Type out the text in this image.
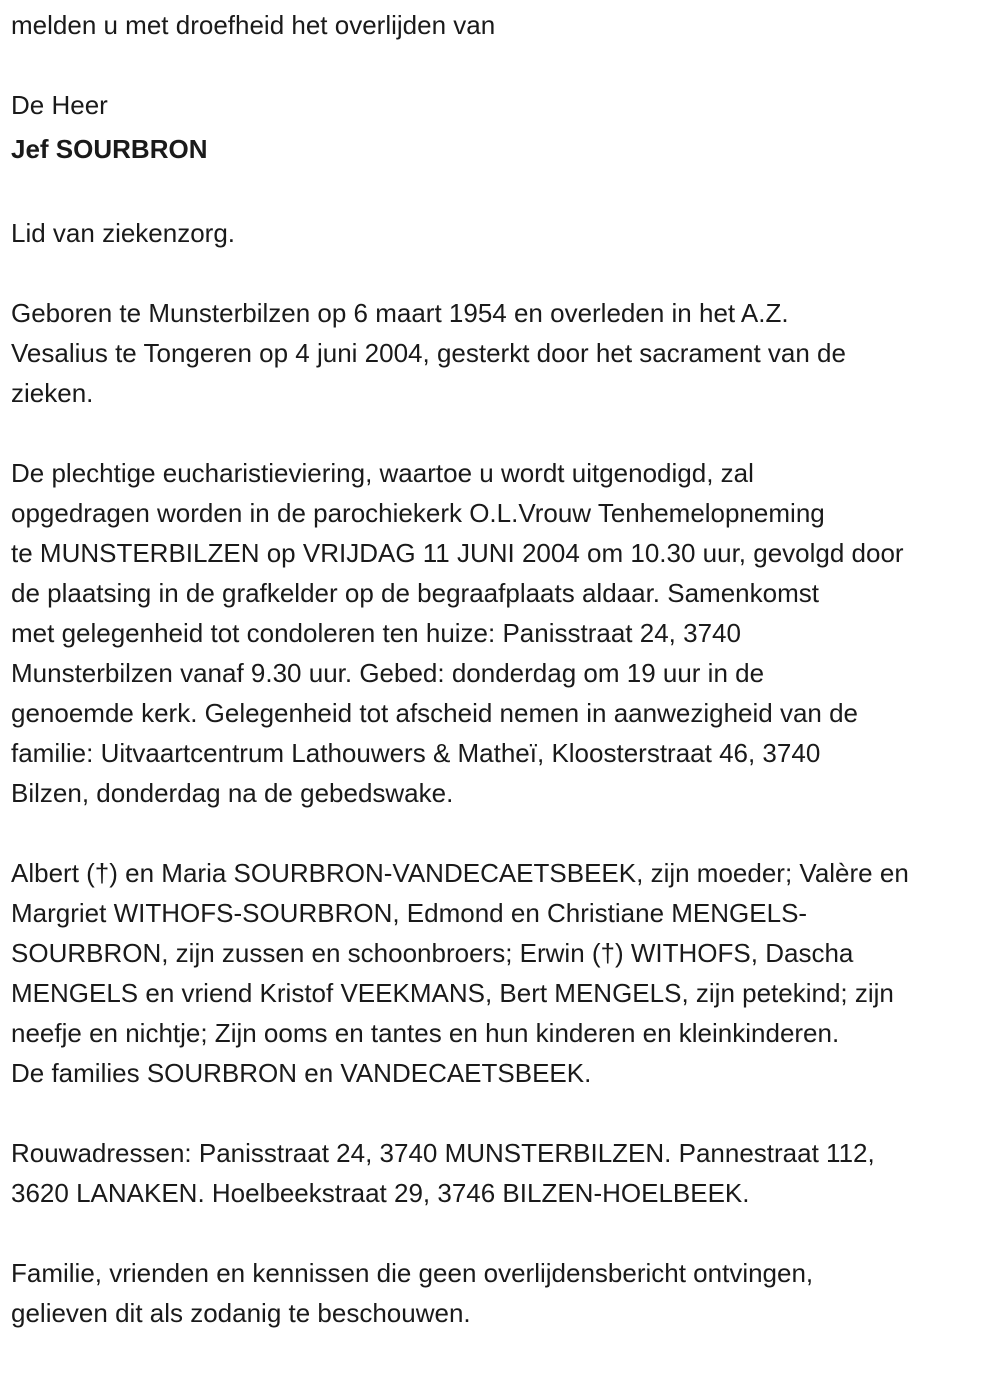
melden u met droefheid het overlijden van
De Heer
Jef SOURBRON
Lid van ziekenzorg.
Geboren te Munsterbilzen op 6 maart 1954 en overleden in het A.Z.
Vesalius te Tongeren op 4 juni 2004, gesterkt door het sacrament van de
zieken.
De plechtige eucharistieviering, waartoe u wordt uitgenodigd, zal
opgedragen worden in de parochiekerk O.L.Vrouw Tenhemelopneming
te MUNSTERBILZEN op VRIJDAG 11 JUNI 2004 om 10.30 uur, gevolgd door
de plaatsing in de grafkelder op de begraafplaats aldaar. Samenkomst
met gelegenheid tot condoleren ten huize: Panisstraat 24, 3740
Munsterbilzen vanaf 9.30 uur. Gebed: donderdag om 19 uur in de
genoemde kerk. Gelegenheid tot afscheid nemen in aanwezigheid van de
familie: Uitvaartcentrum Lathouwers & Matheï, Kloosterstraat 46, 3740
Bilzen, donderdag na de gebedswake.
Albert (†) en Maria SOURBRON-VANDECAETSBEEK, zijn moeder; Valère en
Margriet WITHOFS-SOURBRON, Edmond en Christiane MENGELS-
SOURBRON, zijn zussen en schoonbroers; Erwin (†) WITHOFS, Dascha
MENGELS en vriend Kristof VEEKMANS, Bert MENGELS, zijn petekind; zijn
neefje en nichtje; Zijn ooms en tantes en hun kinderen en kleinkinderen.
De families SOURBRON en VANDECAETSBEEK.
Rouwadressen: Panisstraat 24, 3740 MUNSTERBILZEN. Pannestraat 112,
3620 LANAKEN. Hoelbeekstraat 29, 3746 BILZEN-HOELBEEK.
Familie, vrienden en kennissen die geen overlijdensbericht ontvingen,
gelieven dit als zodanig te beschouwen.
